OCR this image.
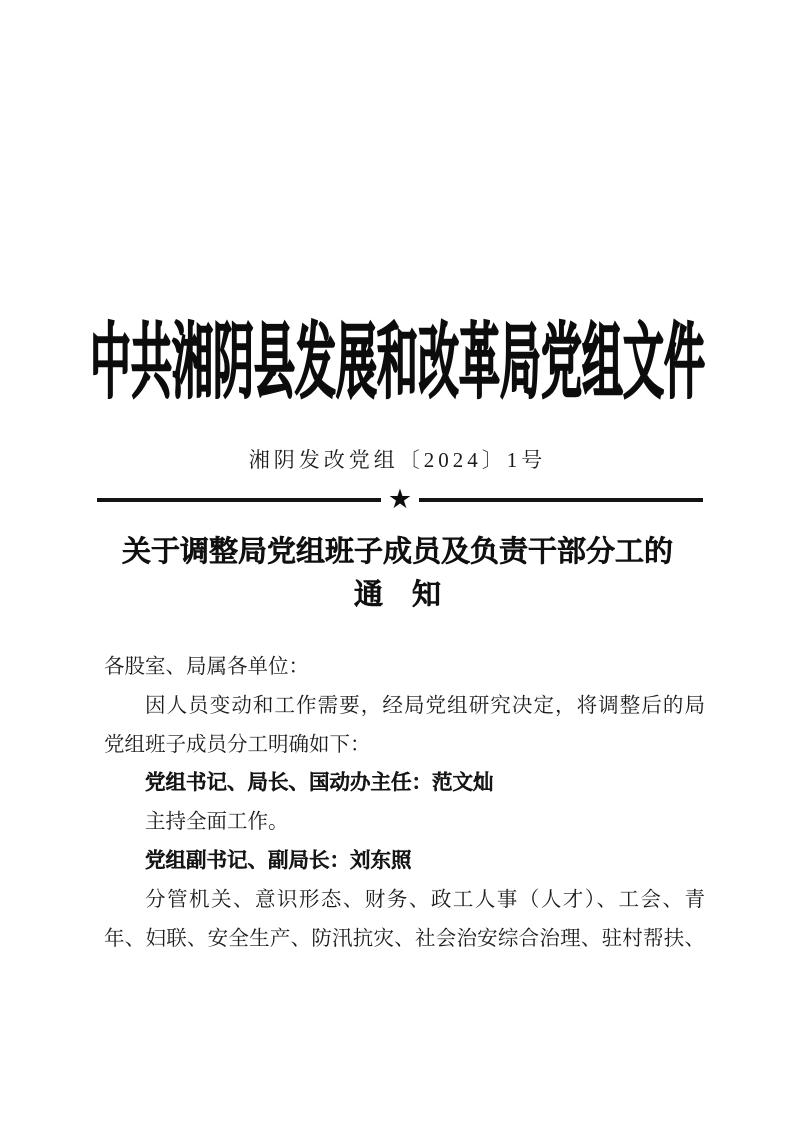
中共湘阴县发展和改革局党组文件
湘阴发改党组〔2024〕1号
★
关于调整局党组班子成员及负责干部分工的
通　知
各股室、局属各单位：
因人员变动和工作需要，经局党组研究决定，将调整后的局
党组班子成员分工明确如下：
党组书记、局长、国动办主任：范文灿
主持全面工作。
党组副书记、副局长：刘东照
分管机关、意识形态、财务、政工人事（人才）、工会、青
年、妇联、安全生产、防汛抗灾、社会治安综合治理、驻村帮扶、
